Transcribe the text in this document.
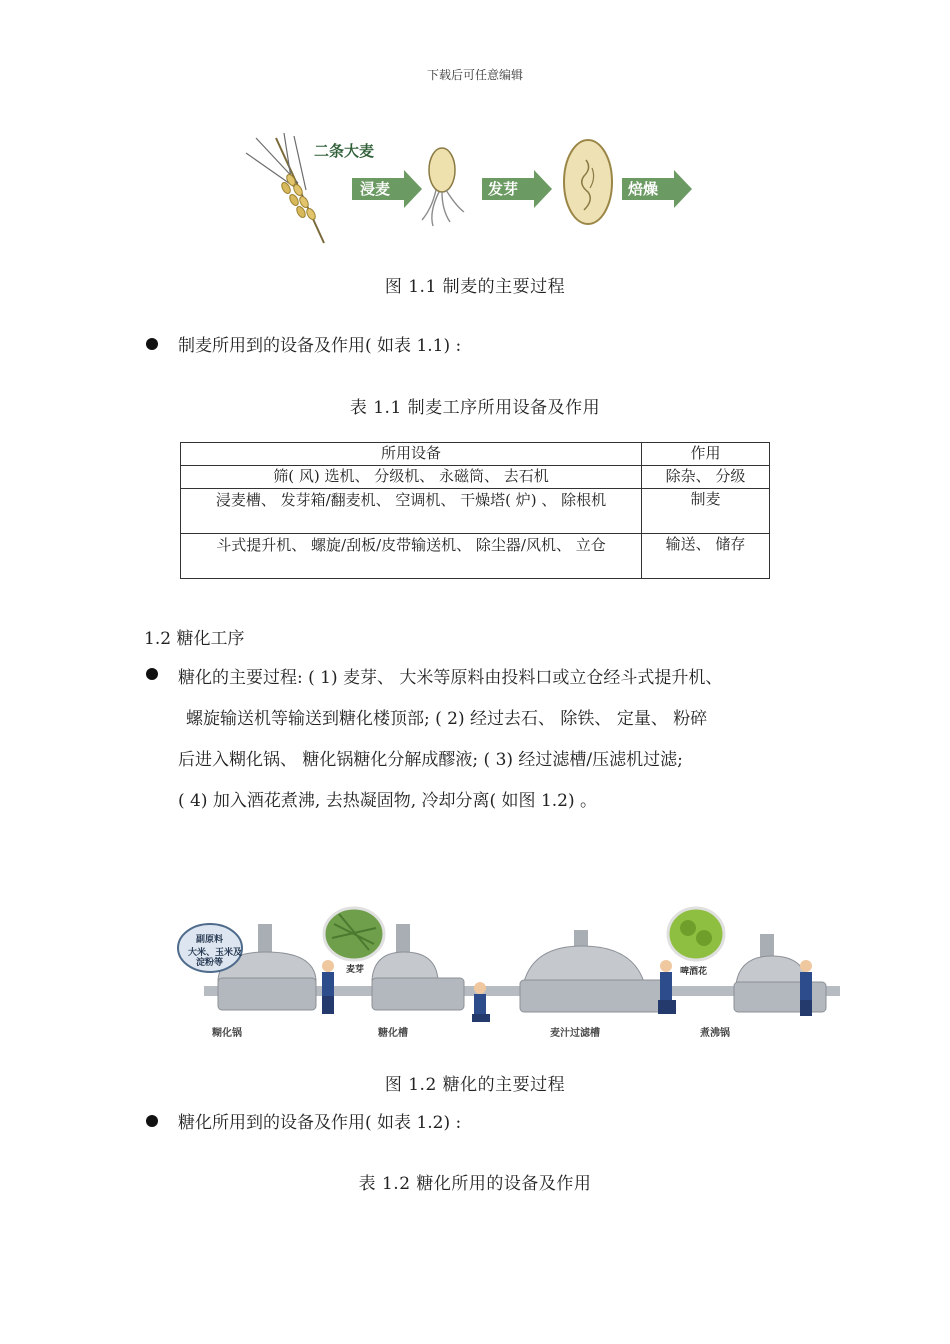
下载后可任意编辑
二条大麦
浸麦	发芽	焙燥
图 1.1 制麦的主要过程
制麦所用到的设备及作用( 如表 1.1) :
表 1.1 制麦工序所用设备及作用
所用设备	作用
筛( 风) 选机、 分级机、 永磁筒、 去石机	除杂、 分级
浸麦槽、 发芽箱/翻麦机、 空调机、 干燥塔( 炉) 、 除根机	制麦
斗式提升机、 螺旋/刮板/皮带输送机、 除尘器/风机、 立仓	输送、 储存
1.2 糖化工序
糖化的主要过程: ( 1) 麦芽、 大米等原料由投料口或立仓经斗式提升机、
螺旋输送机等输送到糖化楼顶部; ( 2) 经过去石、 除铁、 定量、 粉碎
后进入糊化锅、 糖化锅糖化分解成醪液; ( 3) 经过滤槽/压滤机过滤;
( 4) 加入酒花煮沸, 去热凝固物, 冷却分离( 如图 1.2) 。
副原料
大米、玉米及
淀粉等
麦芽	啤酒花
糊化锅	糖化槽	麦汁过滤槽	煮沸锅
图 1.2 糖化的主要过程
糖化所用到的设备及作用( 如表 1.2) :
表 1.2 糖化所用的设备及作用
